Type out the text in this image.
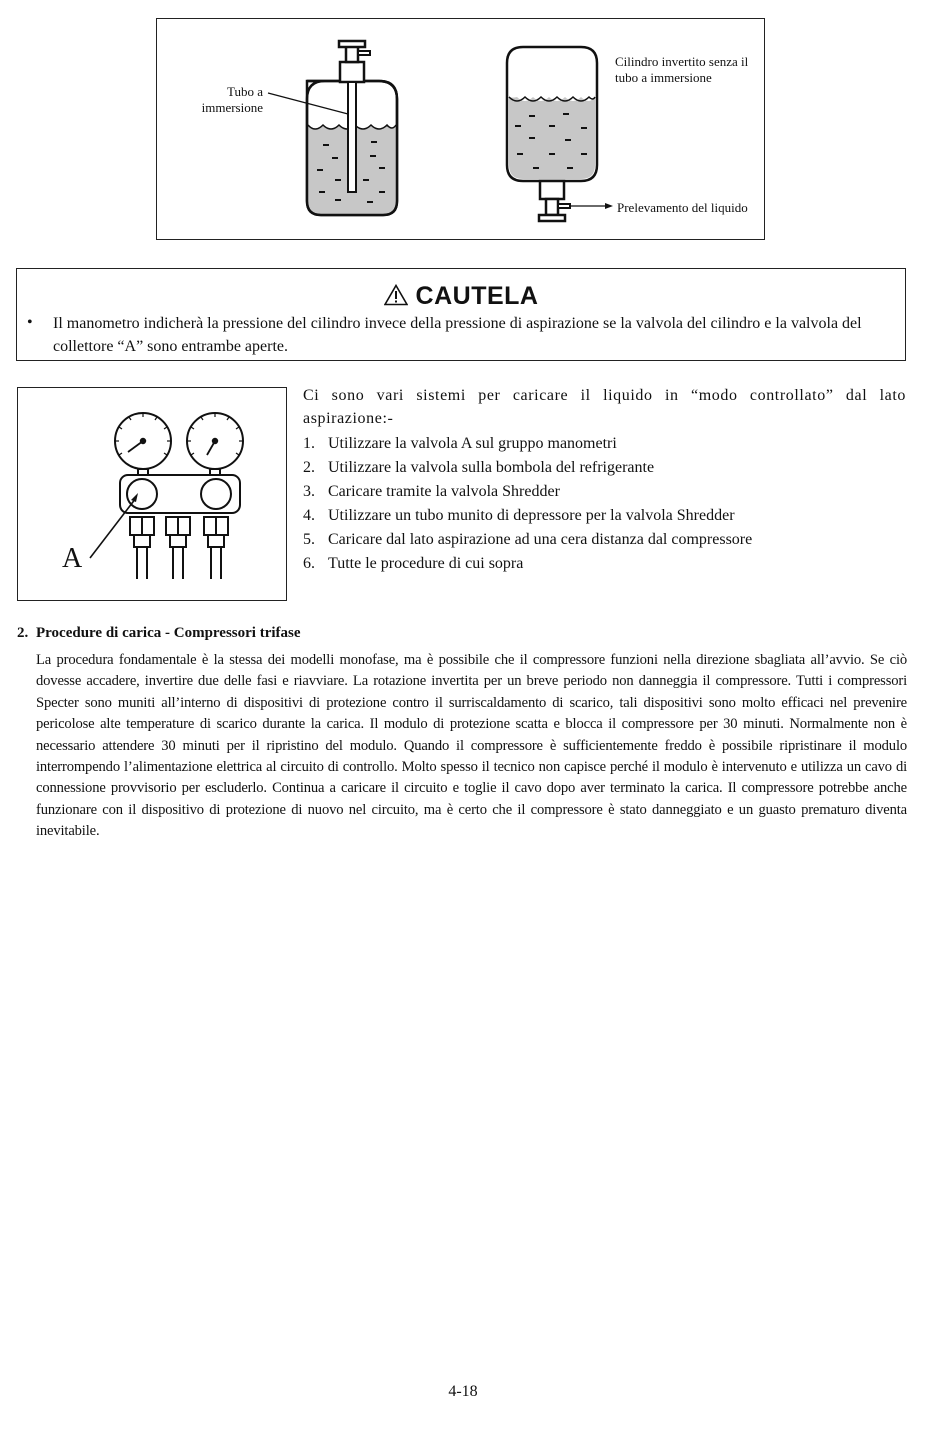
Tubo a immersione
Cilindro invertito senza il tubo a immersione
Prelevamento del liquido
CAUTELA
• Il manometro indicherà la pressione del cilindro invece della pressione di aspirazione se la valvola del cilindro e la valvola del collettore “A” sono entrambe aperte.
A
Ci sono vari sistemi per caricare il liquido in “modo controllato” dal lato aspirazione:-
1. Utilizzare la valvola A sul gruppo manometri
2. Utilizzare la valvola sulla bombola del refrigerante
3. Caricare tramite la valvola Shredder
4. Utilizzare un tubo munito di depressore per la valvola Shredder
5. Caricare dal lato aspirazione ad una cera distanza dal compressore
6. Tutte le procedure di cui sopra
2. Procedure di carica - Compressori trifase
La procedura fondamentale è la stessa dei modelli monofase, ma è possibile che il compressore funzioni nella direzione sbagliata all’avvio. Se ciò dovesse accadere, invertire due delle fasi e riavviare. La rotazione invertita per un breve periodo non danneggia il compressore. Tutti i compressori Specter sono muniti all’interno di dispositivi di protezione contro il surriscaldamento di scarico, tali dispositivi sono molto efficaci nel prevenire pericolose alte temperature di scarico durante la carica. Il modulo di protezione scatta e blocca il compressore per 30 minuti. Normalmente non è necessario attendere 30 minuti per il ripristino del modulo. Quando il compressore è sufficientemente freddo è possibile ripristinare il modulo interrompendo l’alimentazione elettrica al circuito di controllo. Molto spesso il tecnico non capisce perché il modulo è intervenuto e utilizza un cavo di connessione provvisorio per escluderlo. Continua a caricare il circuito e toglie il cavo dopo aver terminato la carica. Il compressore potrebbe anche funzionare con il dispositivo di protezione di nuovo nel circuito, ma è certo che il compressore è stato danneggiato e un guasto prematuro diventa inevitabile.
4-18
